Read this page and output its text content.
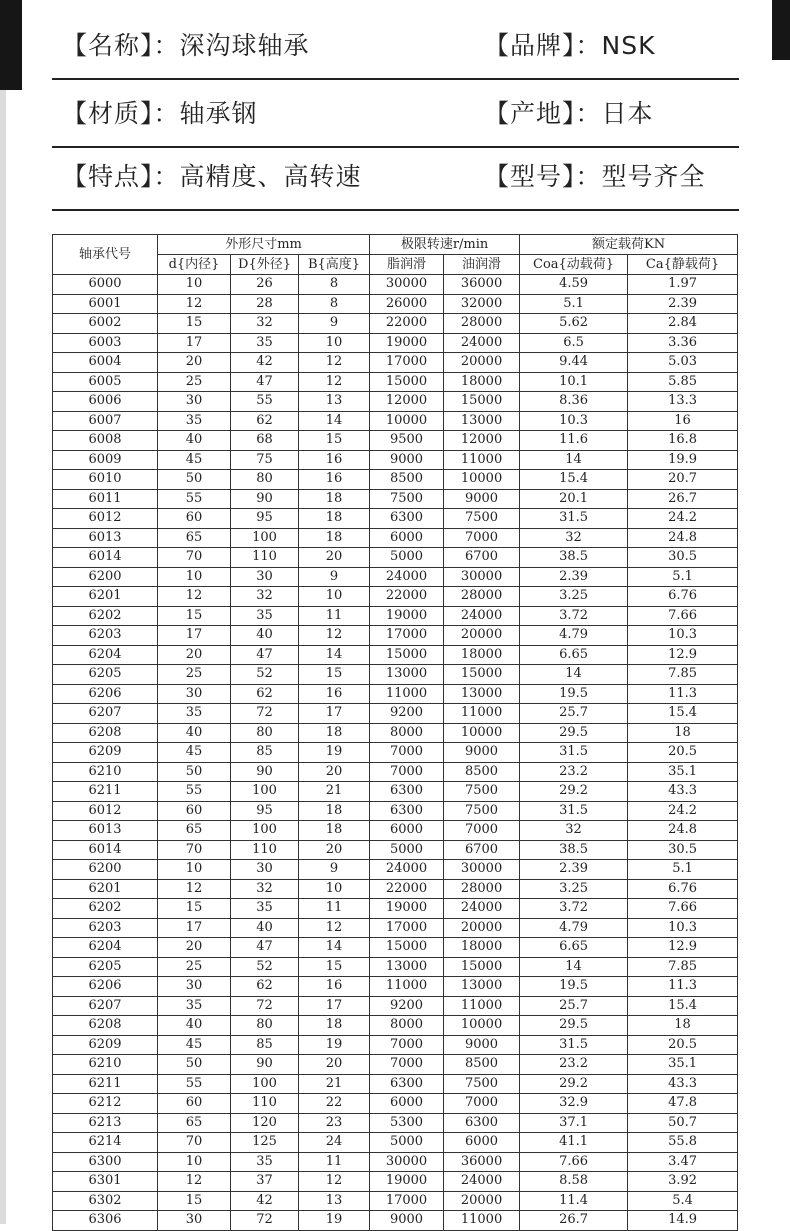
【名称】：深沟球轴承	【品牌】：NSK
【材质】：轴承钢	【产地】：日本
【特点】：高精度、高转速	【型号】：型号齐全
轴承代号	外形尺寸mm			极限转速r/min		额定载荷KN	
	d{内径}	D{外径}	B{高度}	脂润滑	油润滑	Coa{动载荷}	Ca{静载荷}
6000	10	26	8	30000	36000	4.59	1.97
6001	12	28	8	26000	32000	5.1	2.39
6002	15	32	9	22000	28000	5.62	2.84
6003	17	35	10	19000	24000	6.5	3.36
6004	20	42	12	17000	20000	9.44	5.03
6005	25	47	12	15000	18000	10.1	5.85
6006	30	55	13	12000	15000	8.36	13.3
6007	35	62	14	10000	13000	10.3	16
6008	40	68	15	9500	12000	11.6	16.8
6009	45	75	16	9000	11000	14	19.9
6010	50	80	16	8500	10000	15.4	20.7
6011	55	90	18	7500	9000	20.1	26.7
6012	60	95	18	6300	7500	31.5	24.2
6013	65	100	18	6000	7000	32	24.8
6014	70	110	20	5000	6700	38.5	30.5
6200	10	30	9	24000	30000	2.39	5.1
6201	12	32	10	22000	28000	3.25	6.76
6202	15	35	11	19000	24000	3.72	7.66
6203	17	40	12	17000	20000	4.79	10.3
6204	20	47	14	15000	18000	6.65	12.9
6205	25	52	15	13000	15000	14	7.85
6206	30	62	16	11000	13000	19.5	11.3
6207	35	72	17	9200	11000	25.7	15.4
6208	40	80	18	8000	10000	29.5	18
6209	45	85	19	7000	9000	31.5	20.5
6210	50	90	20	7000	8500	23.2	35.1
6211	55	100	21	6300	7500	29.2	43.3
6012	60	95	18	6300	7500	31.5	24.2
6013	65	100	18	6000	7000	32	24.8
6014	70	110	20	5000	6700	38.5	30.5
6200	10	30	9	24000	30000	2.39	5.1
6201	12	32	10	22000	28000	3.25	6.76
6202	15	35	11	19000	24000	3.72	7.66
6203	17	40	12	17000	20000	4.79	10.3
6204	20	47	14	15000	18000	6.65	12.9
6205	25	52	15	13000	15000	14	7.85
6206	30	62	16	11000	13000	19.5	11.3
6207	35	72	17	9200	11000	25.7	15.4
6208	40	80	18	8000	10000	29.5	18
6209	45	85	19	7000	9000	31.5	20.5
6210	50	90	20	7000	8500	23.2	35.1
6211	55	100	21	6300	7500	29.2	43.3
6212	60	110	22	6000	7000	32.9	47.8
6213	65	120	23	5300	6300	37.1	50.7
6214	70	125	24	5000	6000	41.1	55.8
6300	10	35	11	30000	36000	7.66	3.47
6301	12	37	12	19000	24000	8.58	3.92
6302	15	42	13	17000	20000	11.4	5.4
6306	30	72	19	9000	11000	26.7	14.9
